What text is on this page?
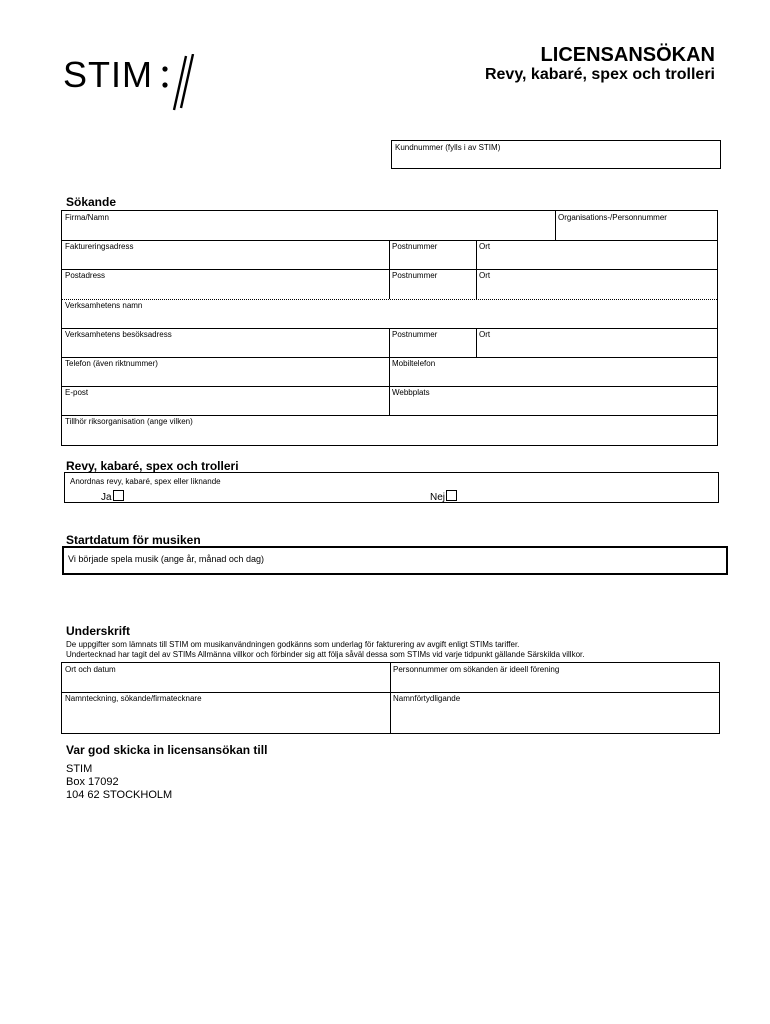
STIM	LICENSANSÖKAN
Revy, kabaré, spex och trolleri
Kundnummer (fylls i av STIM)
Sökande
Firma/Namn	Organisations-/Personnummer
Faktureringsadress	Postnummer	Ort
Postadress	Postnummer	Ort
Verksamhetens namn
Verksamhetens besöksadress	Postnummer	Ort
Telefon (även riktnummer)	Mobiltelefon
E-post	Webbplats
Tillhör riksorganisation (ange vilken)
Revy, kabaré, spex och trolleri
Anordnas revy, kabaré, spex eller liknande
Ja	Nej
Startdatum för musiken
Vi började spela musik (ange år, månad och dag)
Underskrift
De uppgifter som lämnats till STIM om musikanvändningen godkänns som underlag för fakturering av avgift enligt STIMs tariffer.
Undertecknad har tagit del av STIMs Allmänna villkor och förbinder sig att följa såväl dessa som STIMs vid varje tidpunkt gällande Särskilda villkor.
Ort och datum	Personnummer om sökanden är ideell förening
Namnteckning, sökande/firmatecknare	Namnförtydligande
Var god skicka in licensansökan till
STIM
Box 17092
104 62 STOCKHOLM
